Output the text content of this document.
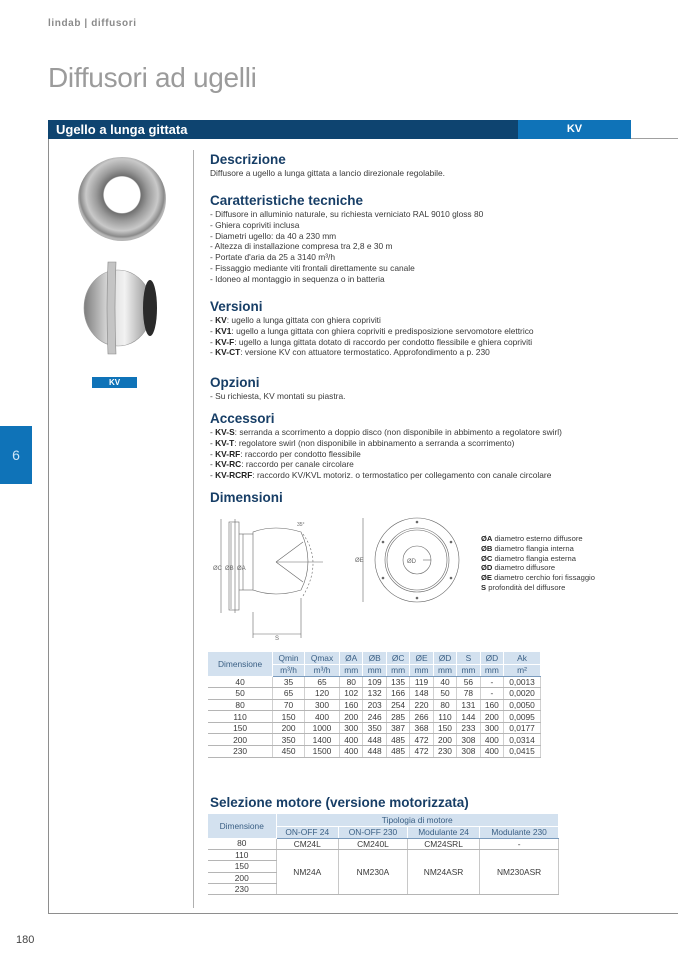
lindab | diffusori
Diffusori ad ugelli
Ugello a lunga gittata	KV
6
180
KV
Descrizione
Diffusore a ugello a lunga gittata a lancio direzionale regolabile.
Caratteristiche tecniche
- Diffusore in alluminio naturale, su richiesta verniciato RAL 9010 gloss 80
- Ghiera copriviti inclusa
- Diametri ugello: da 40 a 230 mm
- Altezza di installazione compresa tra 2,8 e 30 m
- Portate d'aria da 25 a 3140 m³/h
- Fissaggio mediante viti frontali direttamente su canale
- Idoneo al montaggio in sequenza o in batteria
Versioni
- KV: ugello a lunga gittata con ghiera copriviti
- KV1: ugello a lunga gittata con ghiera copriviti e predisposizione servomotore elettrico
- KV-F: ugello a lunga gittata dotato di raccordo per condotto flessibile e ghiera copriviti
- KV-CT: versione KV con attuatore termostatico. Approfondimento a p. 230
Opzioni
- Su richiesta, KV montati su piastra.
Accessori
- KV-S: serranda a scorrimento a doppio disco (non disponibile in abbimento a regolatore swirl)
- KV-T: regolatore swirl (non disponibile in abbinamento a serranda a scorrimento)
- KV-RF: raccordo per condotto flessibile
- KV-RC: raccordo per canale circolare
- KV-RCRF: raccordo KV/KVL motoriz. o termostatico per collegamento con canale circolare
Dimensioni
ØC ØB ØA
S
35°
ØE	ØD
ØA diametro esterno diffusore
ØB diametro flangia interna
ØC diametro flangia esterna
ØD diametro diffusore
ØE diametro cerchio fori fissaggio
S profondità del diffusore
Dimensione	Qmin	Qmax	ØA	ØB	ØC	ØE	ØD	S	ØD	Ak
	m³/h	m³/h	mm	mm	mm	mm	mm	mm	mm	m²
40	35	65	80	109	135	119	40	56	-	0,0013
50	65	120	102	132	166	148	50	78	-	0,0020
80	70	300	160	203	254	220	80	131	160	0,0050
110	150	400	200	246	285	266	110	144	200	0,0095
150	200	1000	300	350	387	368	150	233	300	0,0177
200	350	1400	400	448	485	472	200	308	400	0,0314
230	450	1500	400	448	485	472	230	308	400	0,0415
Selezione motore (versione motorizzata)
Dimensione	Tipologia di motore			
	ON-OFF 24	ON-OFF 230	Modulante 24	Modulante 230
80	CM24L	CM240L	CM24SRL	-
110	NM24A	NM230A	NM24ASR	NM230ASR
150				
200				
230				
